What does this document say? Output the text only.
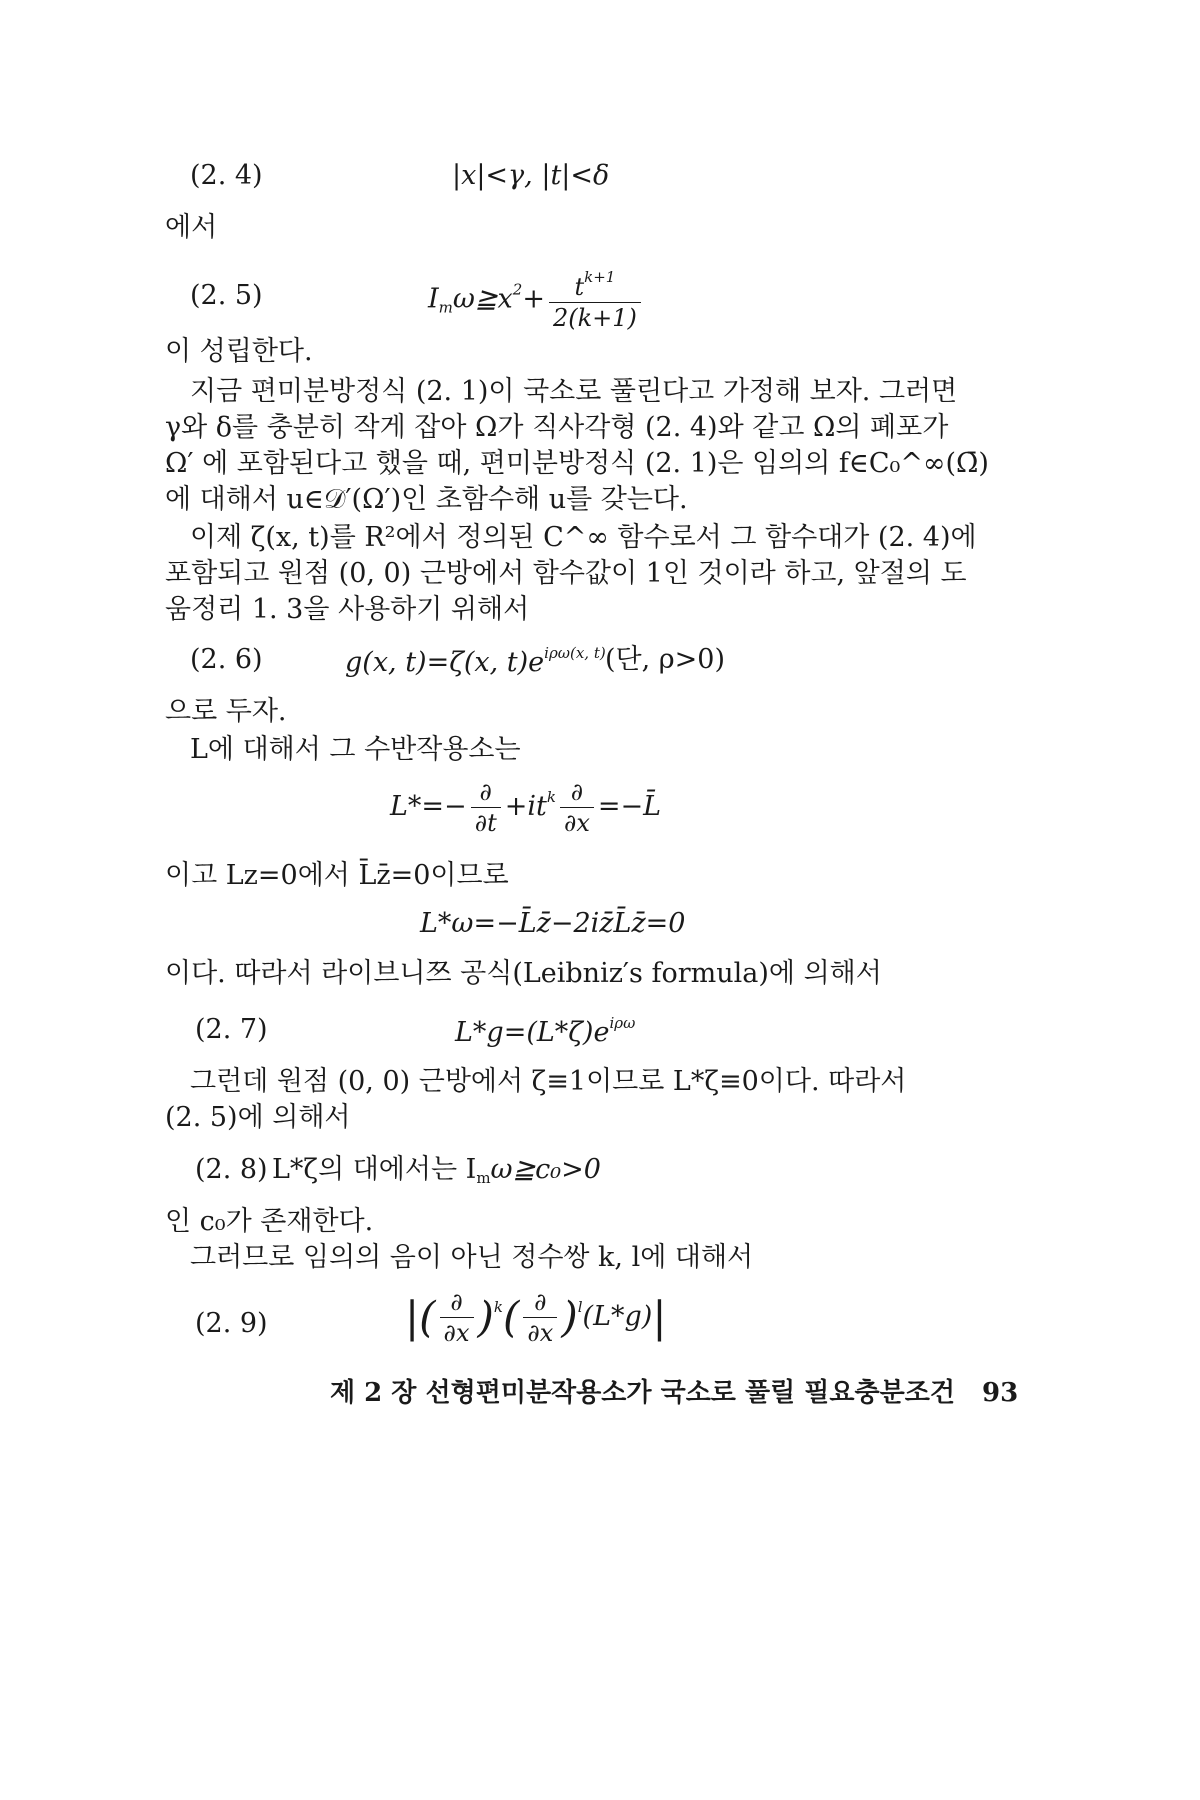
(2. 4)	|x|<γ, |t|<δ
에서
(2. 5)	$I_m\omega≧x^2+ \frac{t^{k+1}}{2(k+1)}$
이 성립한다.
지금 편미분방정식 (2. 1)이 국소로 풀린다고 가정해 보자. 그러면
γ와 δ를 충분히 작게 잡아 Ω가 직사각형 (2. 4)와 같고 Ω의 폐포가
Ω′ 에 포함된다고 했을 때, 편미분방정식 (2. 1)은 임의의 f∈C₀^∞(Ω̄)
에 대해서 u∈𝒟′(Ω′)인 초함수해 u를 갖는다.
이제 ζ(x, t)를 R²에서 정의된 C^∞ 함수로서 그 함수대가 (2. 4)에
포함되고 원점 (0, 0) 근방에서 함수값이 1인 것이라 하고, 앞절의 도
움정리 1. 3을 사용하기 위해서
(2. 6)	g(x, t)=ζ(x, $t)e^{i\rho\omega(x, t)}$ (단, ρ>0)
으로 두자.
L에 대해서 그 수반작용소는
$L*=- \frac{\partial}{\partial t} +it^k \frac{\partial}{\partial x}$ =−L̄
이고 Lz=0에서 L̄z̄=0이므로
L*ω=−L̄z̄−2iz̄L̄z̄=0
이다. 따라서 라이브니쯔 공식(Leibniz′s formula)에 의해서
(2. 7)	$L*g=(L*\zeta)e^{i\rho\omega}$
그런데 원점 (0, 0) 근방에서 ζ≡1이므로 L*ζ≡0이다. 따라서
(2. 5)에 의해서
(2. 8) L*ζ의 대에서는 $I_m\omega≧c_0>0$
인 c₀가 존재한다.
그러므로 임의의 음이 아닌 정수쌍 k, l에 대해서
(2. 9)	|( $\frac{\partial}{\partial x} )^k( \frac{\partial}{\partial x} )^l(L*g)|$
제 2 장 선형편미분작용소가 국소로 풀릴 필요충분조건 93
